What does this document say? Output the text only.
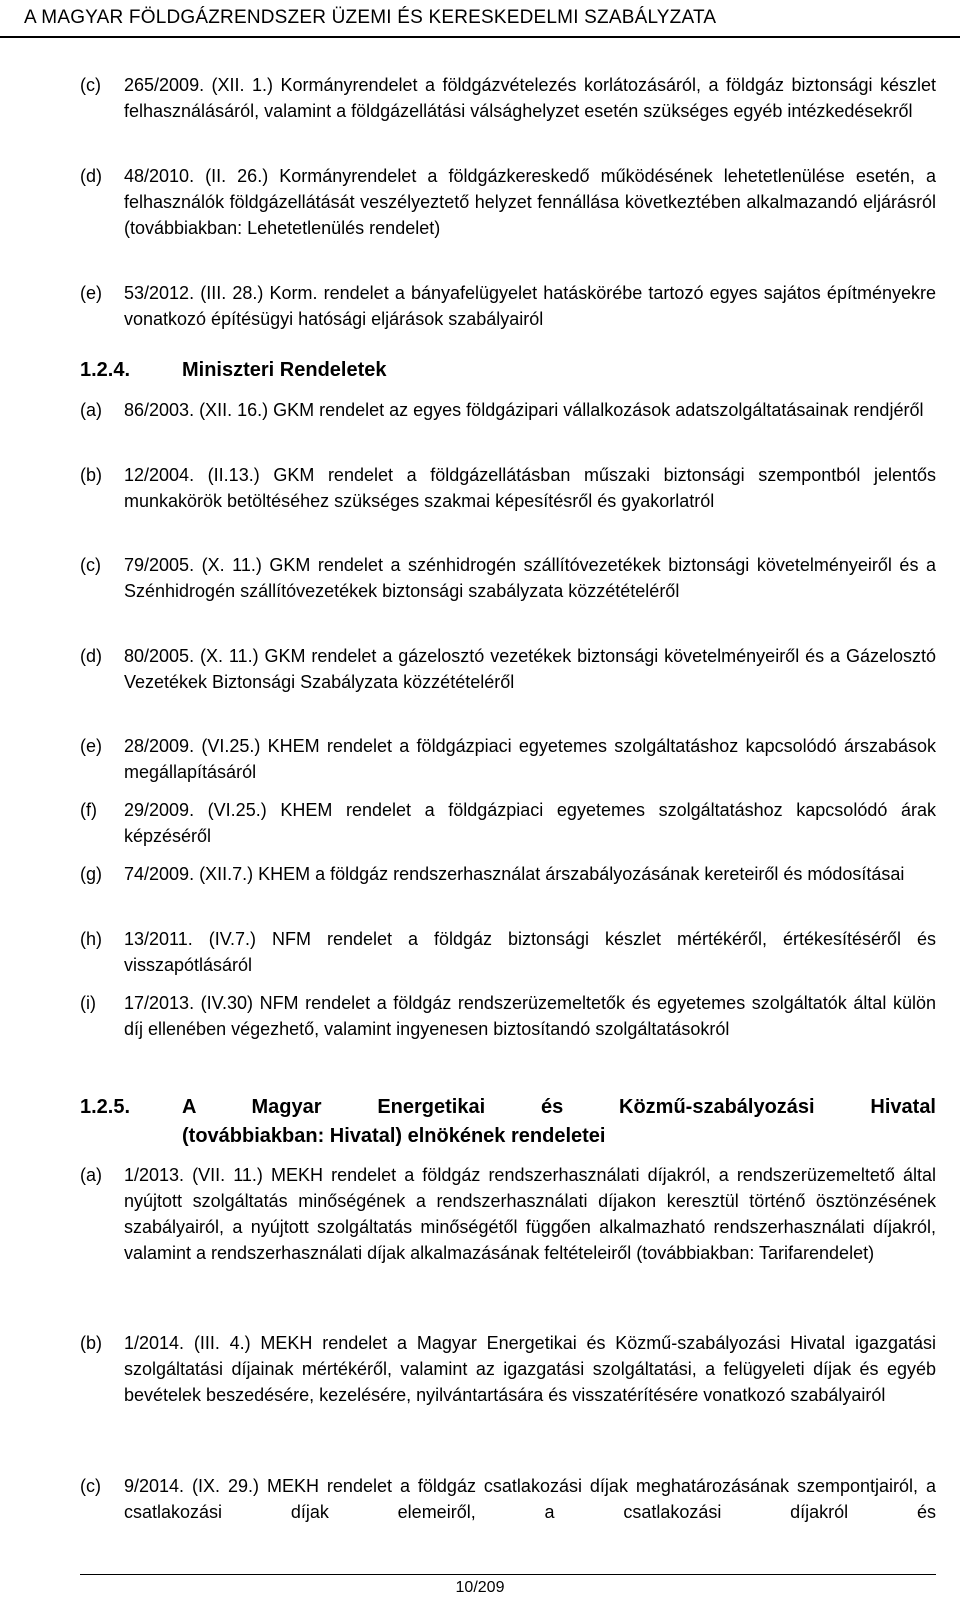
A MAGYAR FÖLDGÁZRENDSZER ÜZEMI ÉS KERESKEDELMI SZABÁLYZATA
(c) 265/2009. (XII. 1.) Kormányrendelet a földgázvételezés korlátozásáról, a földgáz biztonsági készlet felhasználásáról, valamint a földgázellátási válsághelyzet esetén szükséges egyéb intézkedésekről
(d) 48/2010. (II. 26.) Kormányrendelet a földgázkereskedő működésének lehetetlenülése esetén, a felhasználók földgázellátását veszélyeztető helyzet fennállása következtében alkalmazandó eljárásról (továbbiakban: Lehetetlenülés rendelet)
(e) 53/2012. (III. 28.) Korm. rendelet a bányafelügyelet hatáskörébe tartozó egyes sajátos építményekre vonatkozó építésügyi hatósági eljárások szabályairól
1.2.4.	Miniszteri Rendeletek
(a) 86/2003. (XII. 16.) GKM rendelet az egyes földgázipari vállalkozások adatszolgáltatásainak rendjéről
(b) 12/2004. (II.13.) GKM rendelet a földgázellátásban műszaki biztonsági szempontból jelentős munkakörök betöltéséhez szükséges szakmai képesítésről és gyakorlatról
(c) 79/2005. (X. 11.) GKM rendelet a szénhidrogén szállítóvezetékek biztonsági követelményeiről és a Szénhidrogén szállítóvezetékek biztonsági szabályzata közzétételéről
(d) 80/2005. (X. 11.) GKM rendelet a gázelosztó vezetékek biztonsági követelményeiről és a Gázelosztó Vezetékek Biztonsági Szabályzata közzétételéről
(e) 28/2009. (VI.25.) KHEM rendelet a földgázpiaci egyetemes szolgáltatáshoz kapcsolódó árszabások megállapításáról
(f) 29/2009. (VI.25.) KHEM rendelet a földgázpiaci egyetemes szolgáltatáshoz kapcsolódó árak képzéséről
(g) 74/2009. (XII.7.) KHEM a földgáz rendszerhasználat árszabályozásának kereteiről és módosításai
(h) 13/2011. (IV.7.) NFM rendelet a földgáz biztonsági készlet mértékéről, értékesítéséről és visszapótlásáról
(i) 17/2013. (IV.30) NFM rendelet a földgáz rendszerüzemeltetők és egyetemes szolgáltatók által külön díj ellenében végezhető, valamint ingyenesen biztosítandó szolgáltatásokról
1.2.5.	A Magyar Energetikai és Közmű-szabályozási Hivatal
(továbbiakban: Hivatal) elnökének rendeletei
(a) 1/2013. (VII. 11.) MEKH rendelet a földgáz rendszerhasználati díjakról, a rendszerüzemeltető által nyújtott szolgáltatás minőségének a rendszerhasználati díjakon keresztül történő ösztönzésének szabályairól, a nyújtott szolgáltatás minőségétől függően alkalmazható rendszerhasználati díjakról, valamint a rendszerhasználati díjak alkalmazásának feltételeiről (továbbiakban: Tarifarendelet)
(b) 1/2014. (III. 4.) MEKH rendelet a Magyar Energetikai és Közmű-szabályozási Hivatal igazgatási szolgáltatási díjainak mértékéről, valamint az igazgatási szolgáltatási, a felügyeleti díjak és egyéb bevételek beszedésére, kezelésére, nyilvántartására és visszatérítésére vonatkozó szabályairól
(c) 9/2014. (IX. 29.) MEKH rendelet a földgáz csatlakozási díjak meghatározásának szempontjairól, a csatlakozási díjak elemeiről, a csatlakozási díjakról és
10/209
